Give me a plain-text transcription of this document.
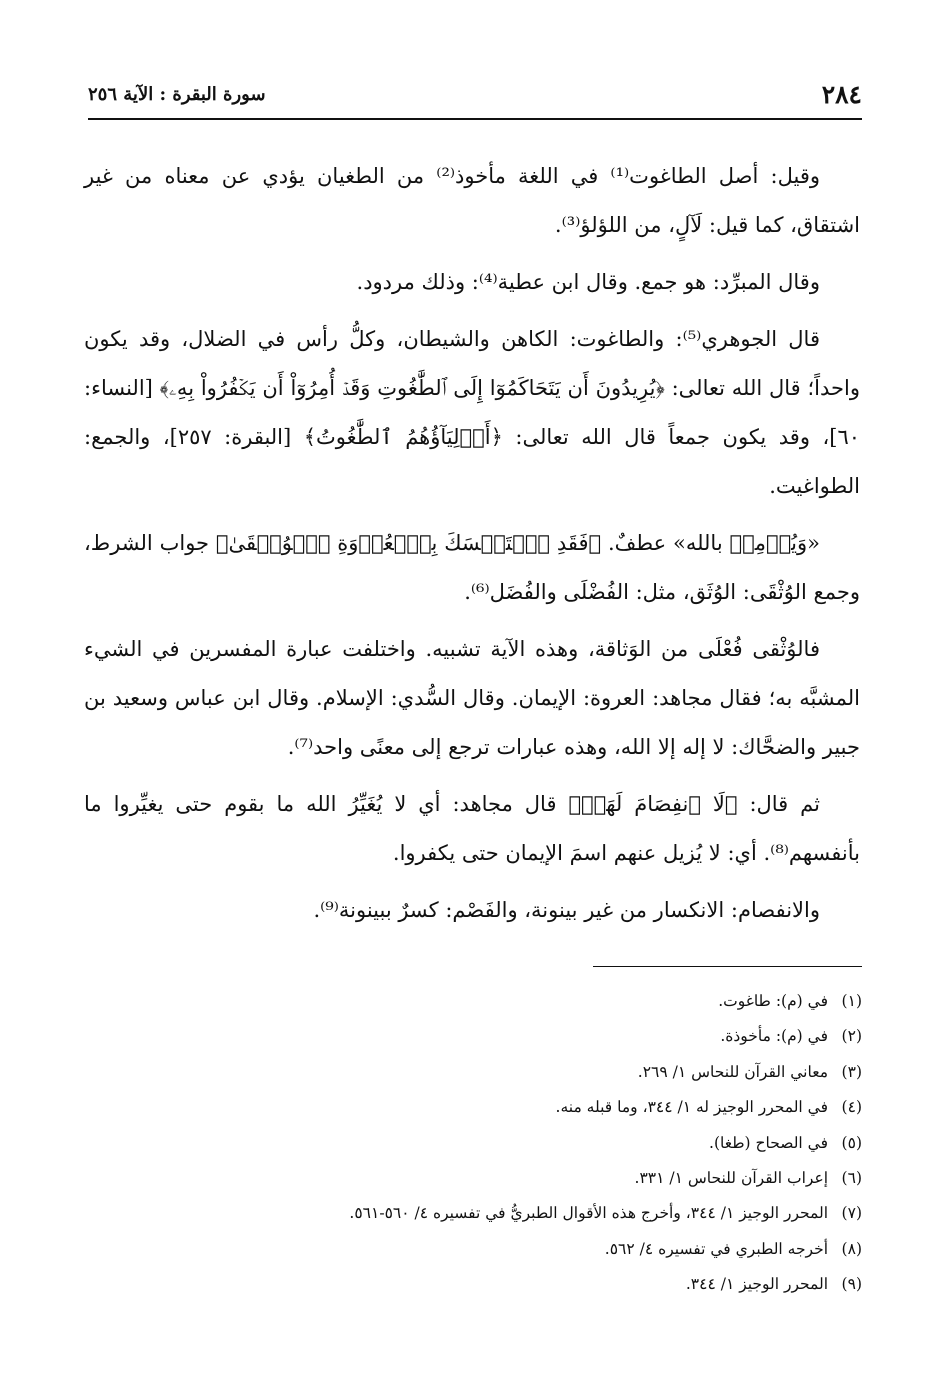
٢٨٤
سورة البقرة : الآية ٢٥٦

وقيل: أصل الطاغوت⁽¹⁾ في اللغة مأخوذ⁽²⁾ من الطغيان يؤدي عن معناه من غير اشتقاق، كما قيل: لَآلٍ، من اللؤلؤ⁽³⁾.

وقال المبرِّد: هو جمع. وقال ابن عطية⁽⁴⁾: وذلك مردود.

قال الجوهري⁽⁵⁾: والطاغوت: الكاهن والشيطان، وكلُّ رأس في الضلال، وقد يكون واحداً؛ قال الله تعالى: ﴿يُرِيدُونَ أَن يَتَحَاكَمُوٓا إِلَى ٱلطَّٰغُوتِ وَقَدۡ أُمِرُوٓاْ أَن يَكۡفُرُواْ بِهِۦ﴾ [النساء: ٦٠]، وقد يكون جمعاً قال الله تعالى: ﴿أَوۡلِيَآؤُهُمُ ٱلطَّٰغُوتُ﴾ [البقرة: ٢٥٧]، والجمع: الطواغيت.

«وَيُؤۡمِنۢ بالله» عطفٌ. ﴿فَقَدِ ٱسۡتَمۡسَكَ بِٱلۡعُرۡوَةِ ٱلۡوُثۡقَىٰ﴾ جواب الشرط، وجمع الوُثْقَى: الوُثَق، مثل: الفُضْلَى والفُضَل⁽⁶⁾.

فالوُثْقى فُعْلَى من الوَثاقة، وهذه الآية تشبيه. واختلفت عبارة المفسرين في الشيء المشبَّه به؛ فقال مجاهد: العروة: الإيمان. وقال السُّدي: الإسلام. وقال ابن عباس وسعيد بن جبير والضحَّاك: لا إله إلا الله، وهذه عبارات ترجع إلى معنًى واحد⁽⁷⁾.

ثم قال: ﴿لَا ٱنفِصَامَ لَهَاۗ﴾ قال مجاهد: أي لا يُغَيِّرُ الله ما بقوم حتى يغيِّروا ما بأنفسهم⁽⁸⁾. أي: لا يُزيل عنهم اسمَ الإيمان حتى يكفروا.

والانفصام: الانكسار من غير بينونة، والفَصْم: كسرٌ ببينونة⁽⁹⁾.

(١)في (م): طاغوت.
(٢)في (م): مأخوذة.
(٣)معاني القرآن للنحاس ١/ ٢٦٩.
(٤)في المحرر الوجيز له ١/ ٣٤٤، وما قبله منه.
(٥)في الصحاح (طغا).
(٦)إعراب القرآن للنحاس ١/ ٣٣١.
(٧)المحرر الوجيز ١/ ٣٤٤، وأخرج هذه الأقوال الطبريُّ في تفسيره ٤/ ٥٦٠-٥٦١.
(٨)أخرجه الطبري في تفسيره ٤/ ٥٦٢.
(٩)المحرر الوجيز ١/ ٣٤٤.
